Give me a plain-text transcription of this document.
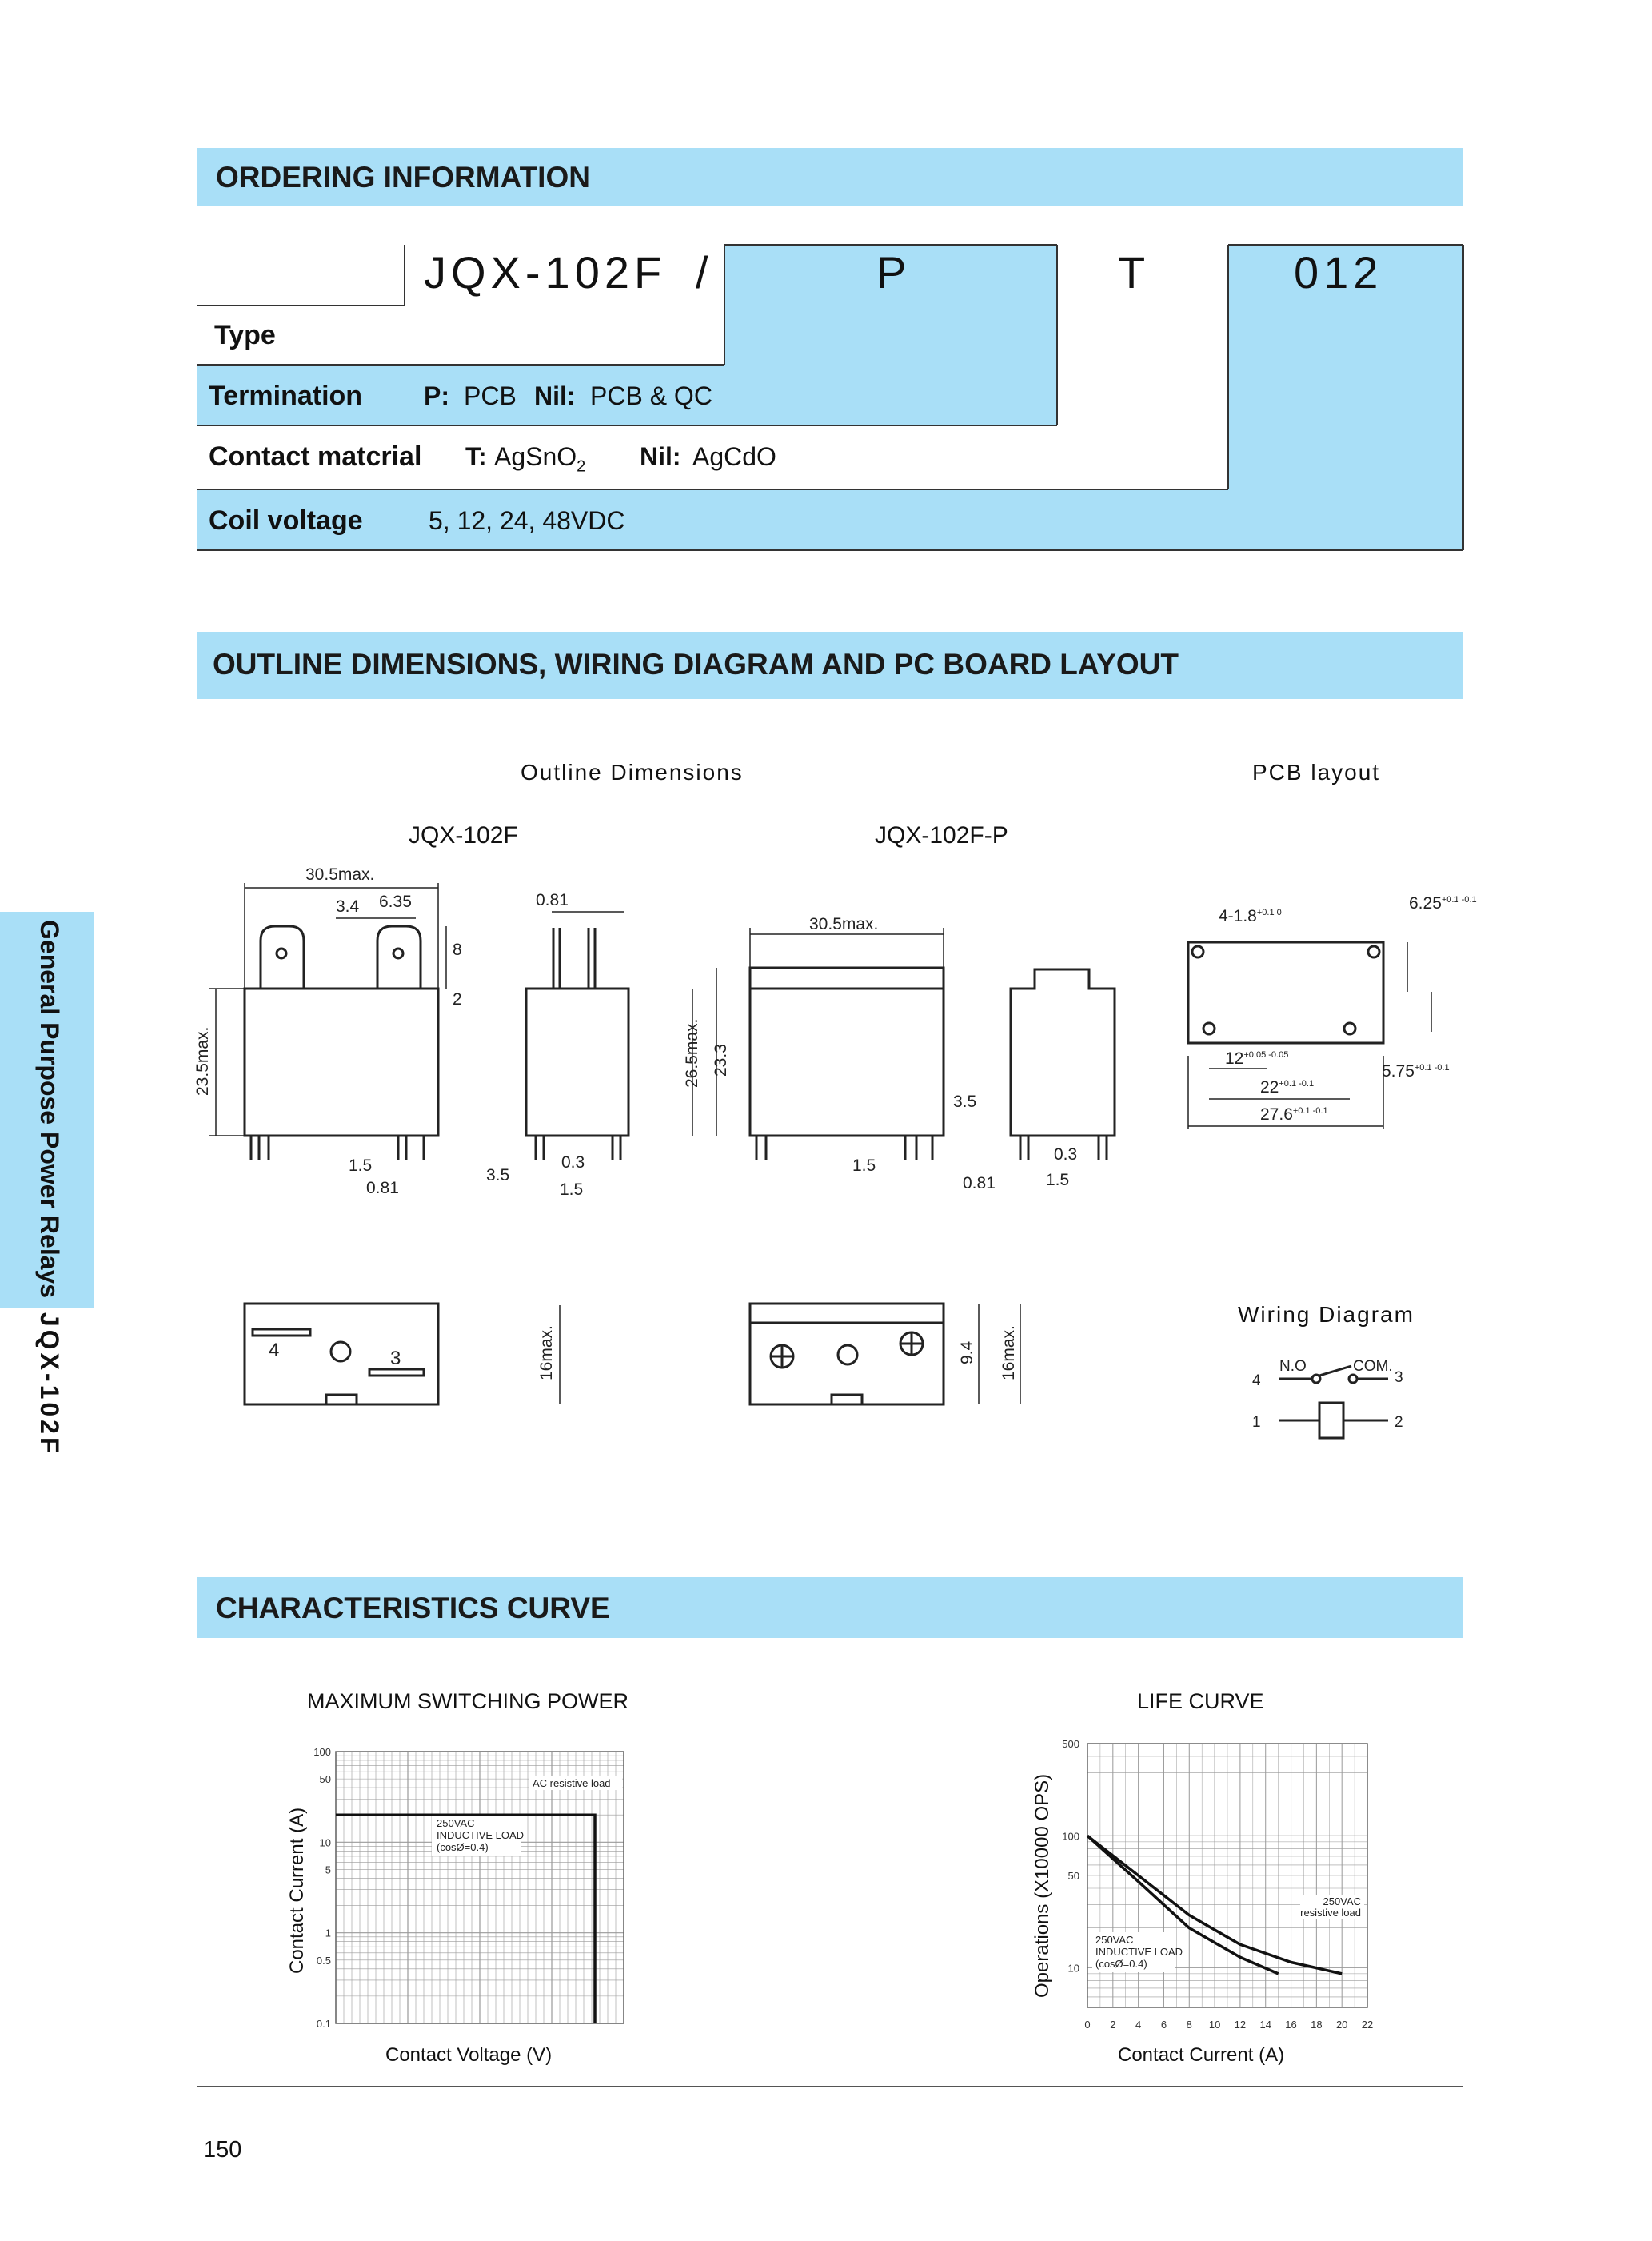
General Purpose Power Relays  JQX-102F
ORDERING INFORMATION
JQX-102F /	P	T	012
Type
Termination P: PCB Nil: PCB & QC
Contact matcrial T: AgSnO$_2$ Nil: AgCdO
Coil voltage	5, 12, 24, 48VDC
OUTLINE DIMENSIONS, WIRING DIAGRAM AND PC BOARD LAYOUT
Outline Dimensions	PCB layout
JQX-102F	JQX-102F-P
Wiring Diagram
30.5max.
3.4 6.35
8
2
23.5max.
1.5
0.81
0.81
3.5
0.3
1.5
4	3	16max.
30.5max.
26.5max. 23.3
3.5
1.5
0.81
0.3
1.5
9.4 16max.
$4-1.8^{+0.1 0}$	$6.25^{+0.1 -0.1}$
$12^{+0.05 -0.05}$
$22^{+0.1 -0.1}$
$27.6^{+0.1 -0.1}$
$5.75^{+0.1 -0.1}$
N.O	COM.
4	3
1	2
CHARACTERISTICS CURVE
MAXIMUM SWITCHING POWER
Contact Voltage (V)
Contact Current (A)
100
50
10
5
1
0.5
0.1
AC resistive load
250VAC
INDUCTIVE LOAD
(cosØ=0.4)
LIFE CURVE
Contact Current (A)
Operations (X10000 OPS)
0 2 4 6 8 10 12 14 16 18 20 22
500
100
50
10
250VAC
resistive load
250VAC
INDUCTIVE LOAD
(cosØ=0.4)
150
